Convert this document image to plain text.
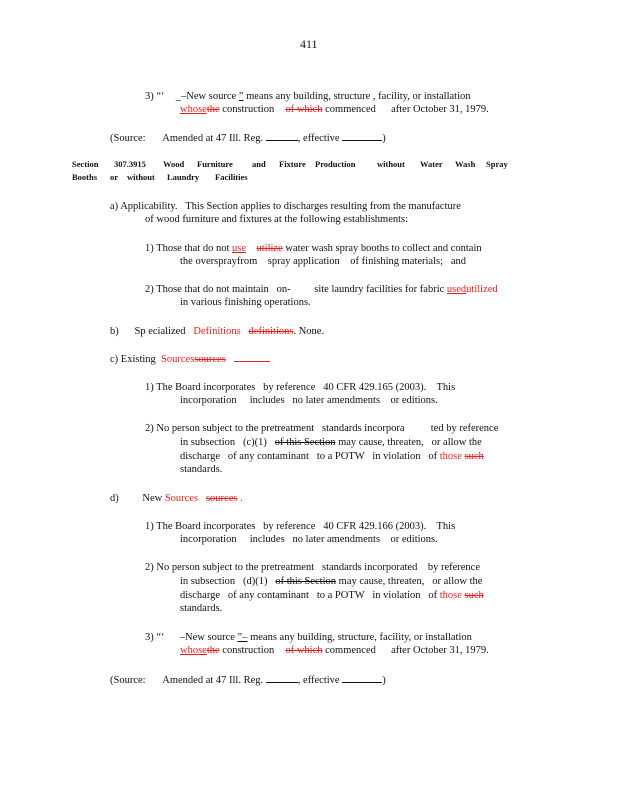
411
3) “‘ _–New source ” means any building, structure , facility, or installation
whosethe construction of which commenced after October 31, 1979.
(Source: Amended at 47 Ill. Reg.	, effective	)
Section 307.3915 Wood Furniture and Fixture Production	without Water Wash Spray
Booths or without Laundry Facilities
a) Applicability.   This Section applies to discharges resulting from the manufacture
of wood furniture and fixtures at the following establishments:
1) Those that do not use utilize water wash spray booths to collect and contain
the oversprayfrom    spray application    of finishing materials;   and
2) Those that do not maintain   on-         site laundry facilities for fabric usedutilized
in various finishing operations.
b) Sp ecialized Definitions definitions. None.
c) Existing Sourcessources
1) The Board incorporates   by reference   40 CFR 429.165 (2003).    This
incorporation     includes   no later amendments    or editions.
2) No person subject to the pretreatment   standards incorpora          ted by reference
in subsection   (c)(1) of this Section may cause, threaten,   or allow the
discharge   of any contaminant   to a POTW   in violation   of those such
standards.
d) New Sources sources .
1) The Board incorporates   by reference   40 CFR 429.166 (2003).    This
incorporation     includes   no later amendments    or editions.
2) No person subject to the pretreatment   standards incorporated    by reference
in subsection   (d)(1) of this Section may cause, threaten,   or allow the
discharge   of any contaminant   to a POTW   in violation   of those such
standards.
3) “‘ –New source ”– means any building, structure, facility, or installation
whosethe construction of which commenced after October 31, 1979.
(Source: Amended at 47 Ill. Reg.	, effective	)
